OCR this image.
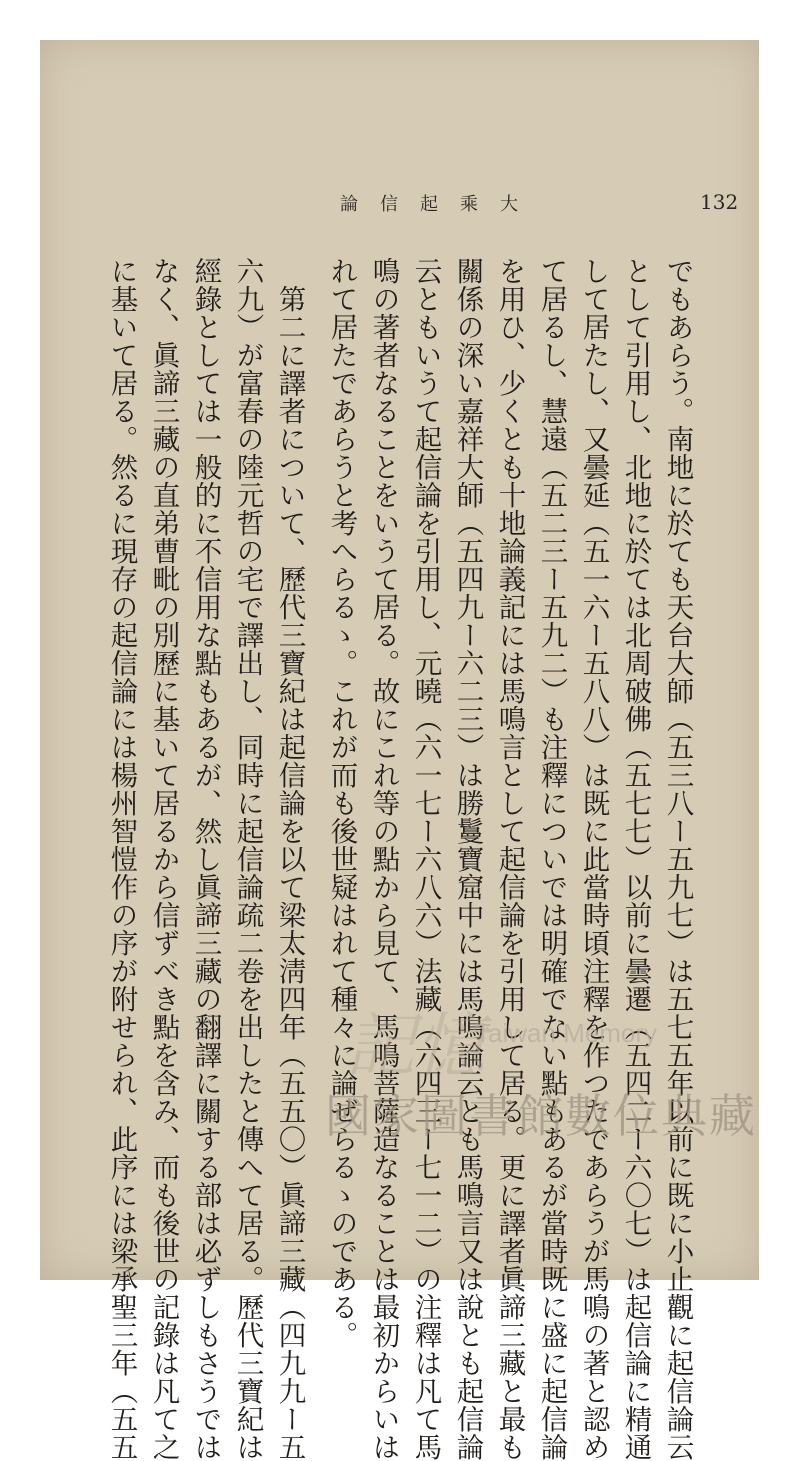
大乘起信論	132
でもあらう。南地に於ても天台大師（五三八ー五九七）は五七五年以前に既に小止觀に起信論云
として引用し、北地に於ては北周破佛（五七七）以前に曇遷（五四二ー六〇七）は起信論に精通
して居たし、又曇延（五一六ー五八八）は既に此當時頃注釋を作つたであらうが馬鳴の著と認め
て居るし、慧遠（五二三ー五九二）も注釋についでは明確でない點もあるが當時既に盛に起信論
を用ひ、少くとも十地論義記には馬鳴言として起信論を引用して居る。更に譯者眞諦三藏と最も
關係の深い嘉祥大師（五四九ー六二三）は勝鬘寶窟中には馬鳴論云とも馬鳴言又は說とも起信論
云ともいうて起信論を引用し、元曉（六一七ー六八六）法藏（六四三ー七一二）の注釋は凡て馬
鳴の著者なることをいうて居る。故にこれ等の點から見て、馬鳴菩薩造なることは最初からいは
れて居たであらうと考へらるゝ。これが而も後世疑はれて種々に論ぜらるゝのである。
　第二に譯者について、歷代三寶紀は起信論を以て梁太淸四年（五五〇）眞諦三藏（四九九ー五
六九）が富春の陸元哲の宅で譯出し、同時に起信論疏二卷を出したと傳へて居る。歷代三寶紀は
經錄としては一般的に不信用な點もあるが、然し眞諦三藏の翻譯に關する部は必ずしもさうでは
なく、眞諦三藏の直弟曹毗の別歷に基いて居るから信ずべき點を含み、而も後世の記錄は凡て之
に基いて居る。然るに現存の起信論には楊州智愷作の序が附せられ、此序には梁承聖三年（五五	記憶
Taiwan Memory
國家圖書館數位典藏
